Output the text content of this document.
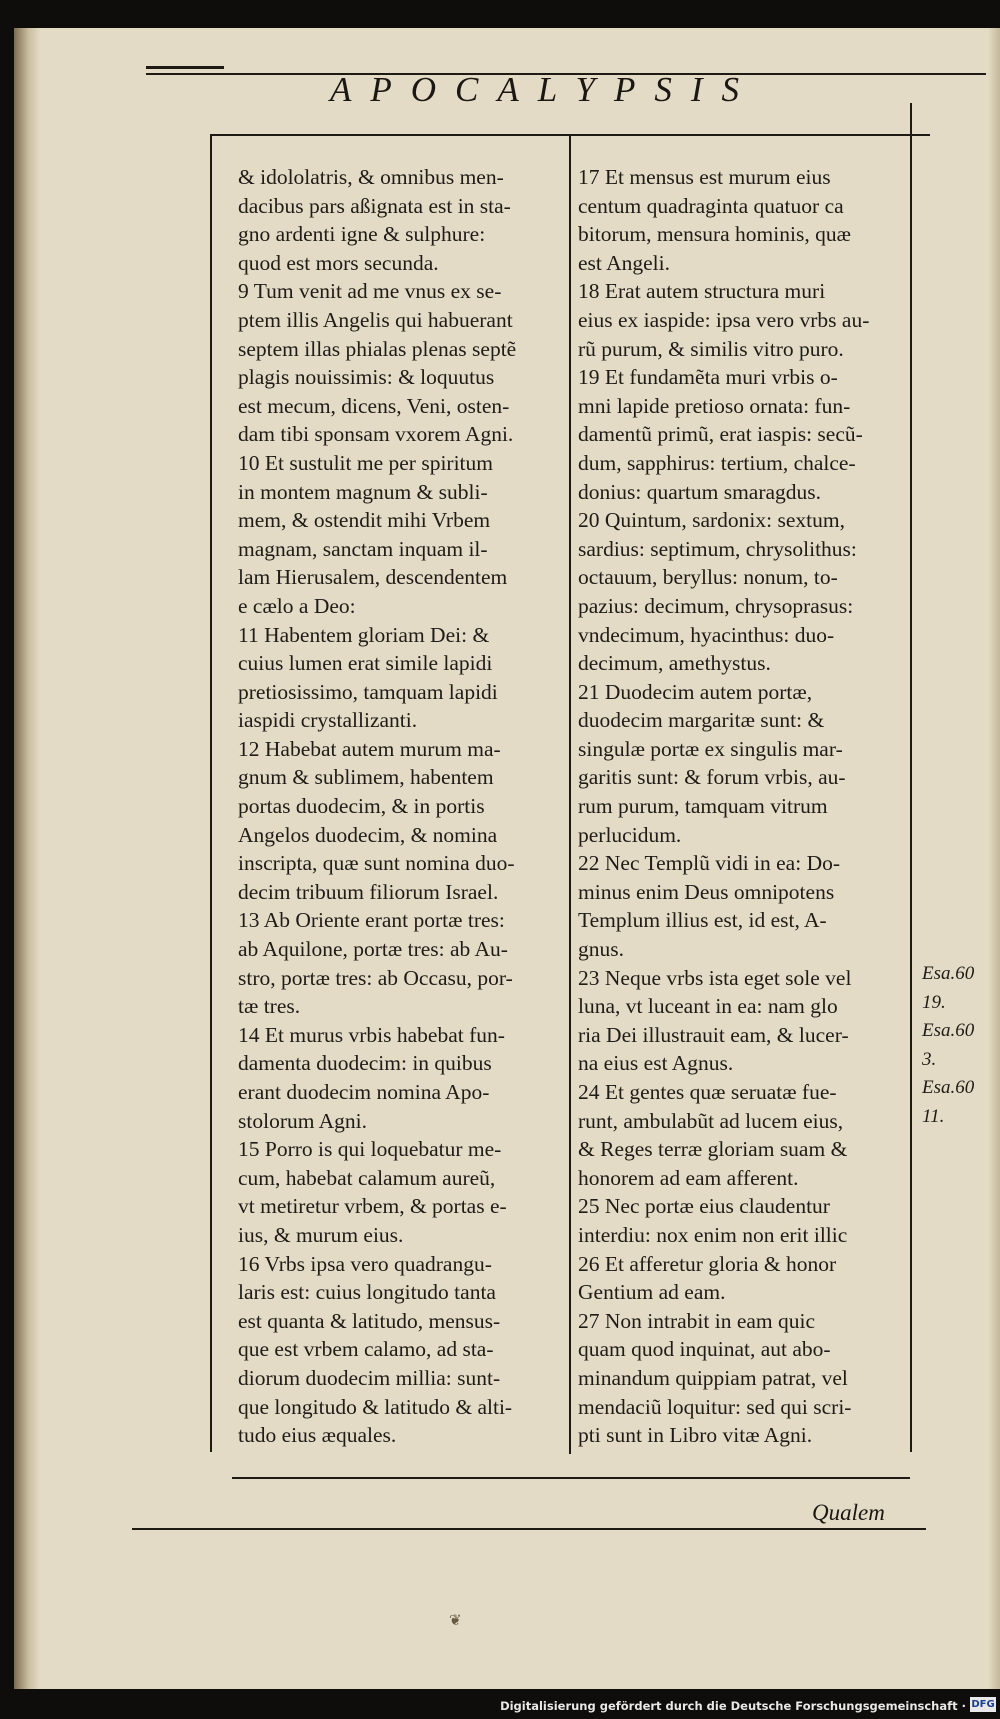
APOCALYPSIS

& idololatris, & omnibus men-

dacibus pars aßignata est in sta-

gno ardenti igne & sulphure:

quod est mors secunda.

9 Tum venit ad me vnus ex se-

ptem illis Angelis qui habuerant

septem illas phialas plenas septẽ

plagis nouissimis: & loquutus

est mecum, dicens, Veni, osten-

dam tibi sponsam vxorem Agni.

10 Et sustulit me per spiritum

in montem magnum & subli-

mem, & ostendit mihi Vrbem

magnam, sanctam inquam il-

lam Hierusalem, descendentem

e cælo a Deo:

11 Habentem gloriam Dei: &

cuius lumen erat simile lapidi

pretiosissimo, tamquam lapidi

iaspidi crystallizanti.

12 Habebat autem murum ma-

gnum & sublimem, habentem

portas duodecim, & in portis

Angelos duodecim, & nomina

inscripta, quæ sunt nomina duo-

decim tribuum filiorum Israel.

13 Ab Oriente erant portæ tres:

ab Aquilone, portæ tres: ab Au-

stro, portæ tres: ab Occasu, por-

tæ tres.

14 Et murus vrbis habebat fun-

damenta duodecim: in quibus

erant duodecim nomina Apo-

stolorum Agni.

15 Porro is qui loquebatur me-

cum, habebat calamum aureũ,

vt metiretur vrbem, & portas e-

ius, & murum eius.

16 Vrbs ipsa vero quadrangu-

laris est: cuius longitudo tanta

est quanta & latitudo, mensus-

que est vrbem calamo, ad sta-

diorum duodecim millia: sunt-

que longitudo & latitudo & alti-

tudo eius æquales.

17 Et mensus est murum eius

centum quadraginta quatuor ca

bitorum, mensura hominis, quæ

est Angeli.

18 Erat autem structura muri

eius ex iaspide: ipsa vero vrbs au-

rũ purum, & similis vitro puro.

19 Et fundamẽta muri vrbis o-

mni lapide pretioso ornata: fun-

damentũ primũ, erat iaspis: secũ-

dum, sapphirus: tertium, chalce-

donius: quartum smaragdus.

20 Quintum, sardonix: sextum,

sardius: septimum, chrysolithus:

octauum, beryllus: nonum, to-

pazius: decimum, chrysoprasus:

vndecimum, hyacinthus: duo-

decimum, amethystus.

21 Duodecim autem portæ,

duodecim margaritæ sunt: &

singulæ portæ ex singulis mar-

garitis sunt: & forum vrbis, au-

rum purum, tamquam vitrum

perlucidum.

22 Nec Templũ vidi in ea: Do-

minus enim Deus omnipotens

Templum illius est, id est, A-

gnus.

23 Neque vrbs ista eget sole vel

luna, vt luceant in ea: nam glo

ria Dei illustrauit eam, & lucer-

na eius est Agnus.

24 Et gentes quæ seruatæ fue-

runt, ambulabũt ad lucem eius,

& Reges terræ gloriam suam &

honorem ad eam afferent.

25 Nec portæ eius claudentur

interdiu: nox enim non erit illic

26 Et afferetur gloria & honor

Gentium ad eam.

27 Non intrabit in eam quic

quam quod inquinat, aut abo-

minandum quippiam patrat, vel

mendaciũ loquitur: sed qui scri-

pti sunt in Libro vitæ Agni.

Esa.60

19.

Esa.60

3.

Esa.60

11.

Qualem
❦
Digitalisierung gefördert durch die Deutsche Forschungsgemeinschaft · DFG
